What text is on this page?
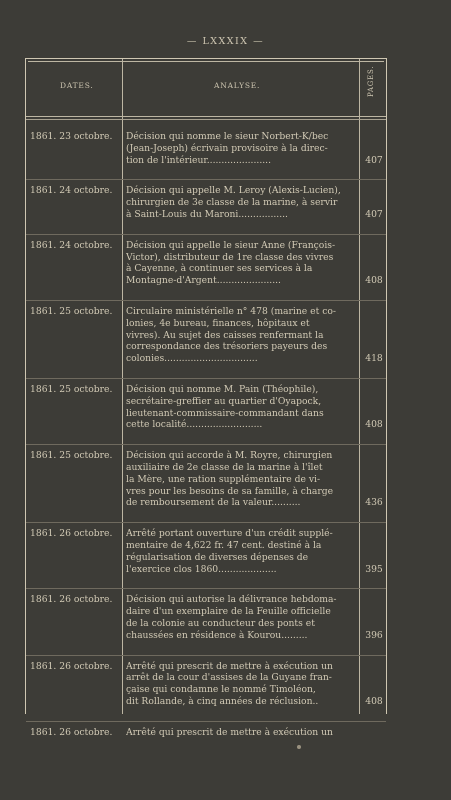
— LXXXIX —
DATES.	ANALYSE.	PAGES.
1861. 23 octobre.	Décision qui nomme le sieur Norbert-K/bec
(Jean-Joseph) écrivain provisoire à la direc-
tion de l'intérieur......................	407
1861. 24 octobre.	Décision qui appelle M. Leroy (Alexis-Lucien),
chirurgien de 3e classe de la marine, à servir
à Saint-Louis du Maroni.................	407
1861. 24 octobre.	Décision qui appelle le sieur Anne (François-
Victor), distributeur de 1re classe des vivres
à Cayenne, à continuer ses services à la
Montagne-d'Argent......................	408
1861. 25 octobre.	Circulaire ministérielle n° 478 (marine et co-
lonies, 4e bureau, finances, hôpitaux et
vivres). Au sujet des caisses renfermant la
correspondance des trésoriers payeurs des
colonies................................	418
1861. 25 octobre.	Décision qui nomme M. Pain (Théophile),
secrétaire-greffier au quartier d'Oyapock,
lieutenant-commissaire-commandant dans
cette localité..........................	408
1861. 25 octobre.	Décision qui accorde à M. Royre, chirurgien
auxiliaire de 2e classe de la marine à l'îlet
la Mère, une ration supplémentaire de vi-
vres pour les besoins de sa famille, à charge
de remboursement de la valeur..........	436
1861. 26 octobre.	Arrêté portant ouverture d'un crédit supplé-
mentaire de 4,622 fr. 47 cent. destiné à la
régularisation de diverses dépenses de
l'exercice clos 1860....................	395
1861. 26 octobre.	Décision qui autorise la délivrance hebdoma-
daire d'un exemplaire de la Feuille officielle
de la colonie au conducteur des ponts et
chaussées en résidence à Kourou.........	396
1861. 26 octobre.	Arrêté qui prescrit de mettre à exécution un
arrêt de la cour d'assises de la Guyane fran-
çaise qui condamne le nommé Timoléon,
dit Rollande, à cinq années de réclusion..	408
1861. 26 octobre.	Arrêté qui prescrit de mettre à exécution un
